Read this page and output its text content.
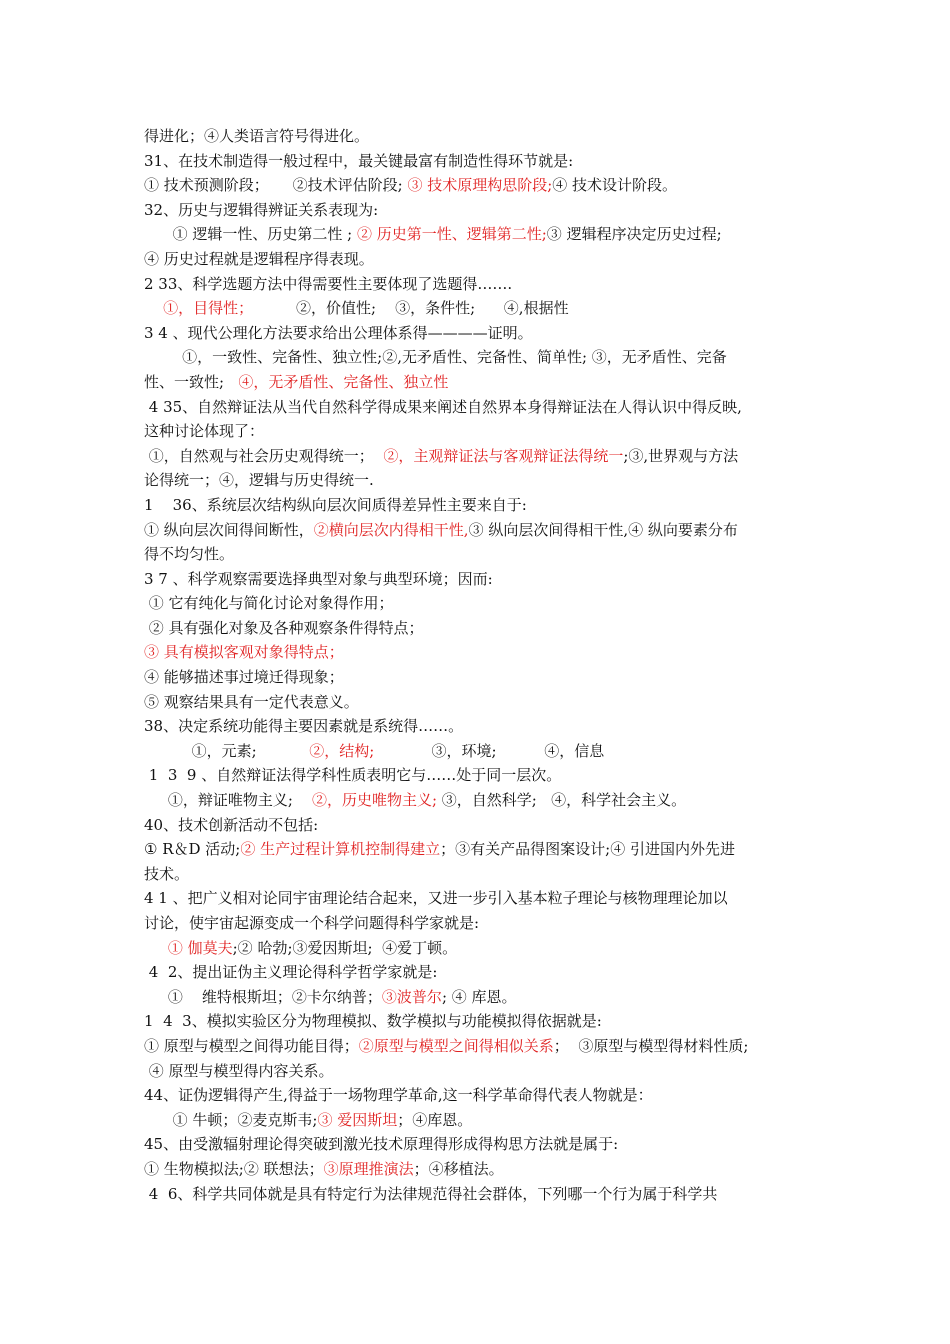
得进化；④人类语言符号得进化。
31、在技术制造得一般过程中，最关键最富有制造性得环节就是:
① 技术预测阶段；     ②技术评估阶段; ③ 技术原理构思阶段;④ 技术设计阶段。
32、历史与逻辑得辨证关系表现为:
① 逻辑一性、历史第二性 ; ② 历史第一性、逻辑第二性;③ 逻辑程序决定历史过程;
④ 历史过程就是逻辑程序得表现。
2 33、科学选题方法中得需要性主要体现了选题得…….
①，目得性；         ②，价值性;    ③，条件性;      ④,根据性
3 4 、现代公理化方法要求给出公理体系得————证明。
①，一致性、完备性、独立性;②,无矛盾性、完备性、简单性; ③，无矛盾性、完备
性、一致性;   ④，无矛盾性、完备性、独立性
4 35、自然辩证法从当代自然科学得成果来阐述自然界本身得辩证法在人得认识中得反映,
这种讨论体现了：
①，自然观与社会历史观得统一；  ②，主观辩证法与客观辩证法得统一;③,世界观与方法
论得统一；④，逻辑与历史得统一.
1    36、系统层次结构纵向层次间质得差异性主要来自于:
① 纵向层次间得间断性，②横向层次内得相干性,③ 纵向层次间得相干性,④ 纵向要素分布
得不均匀性。
3 7 、科学观察需要选择典型对象与典型环境；因而:
① 它有纯化与简化讨论对象得作用；
② 具有强化对象及各种观察条件得特点；
③ 具有模拟客观对象得特点；
④ 能够描述事过境迁得现象；
⑤ 观察结果具有一定代表意义。
38、决定系统功能得主要因素就是系统得……。
①，元素;           ②，结构;            ③，环境;          ④，信息
1  3  9 、自然辩证法得学科性质表明它与……处于同一层次。
①，辩证唯物主义;    ②，历史唯物主义; ③，自然科学;   ④，科学社会主义。
40、技术创新活动不包括:
① R＆D 活动;② 生产过程计算机控制得建立；③有关产品得图案设计;④ 引进国内外先进
技术。
4 1 、把广义相对论同宇宙理论结合起来，又进一步引入基本粒子理论与核物理理论加以
讨论，使宇宙起源变成一个科学问题得科学家就是:
① 伽莫夫;② 哈勃;③爱因斯坦;  ④爱丁顿。
4  2、提出证伪主义理论得科学哲学家就是:
①    维特根斯坦；②卡尔纳普；③波普尔; ④ 库恩。
1  4  3、模拟实验区分为物理模拟、数学模拟与功能模拟得依据就是:
① 原型与模型之间得功能目得；②原型与模型之间得相似关系；  ③原型与模型得材料性质;
④ 原型与模型得内容关系。
44、证伪逻辑得产生,得益于一场物理学革命,这一科学革命得代表人物就是：
① 牛顿；②麦克斯韦;③ 爱因斯坦；④库恩。
45、由受激辐射理论得突破到激光技术原理得形成得构思方法就是属于:
① 生物模拟法;② 联想法；③原理推演法；④移植法。
4  6、科学共同体就是具有特定行为法律规范得社会群体，下列哪一个行为属于科学共
